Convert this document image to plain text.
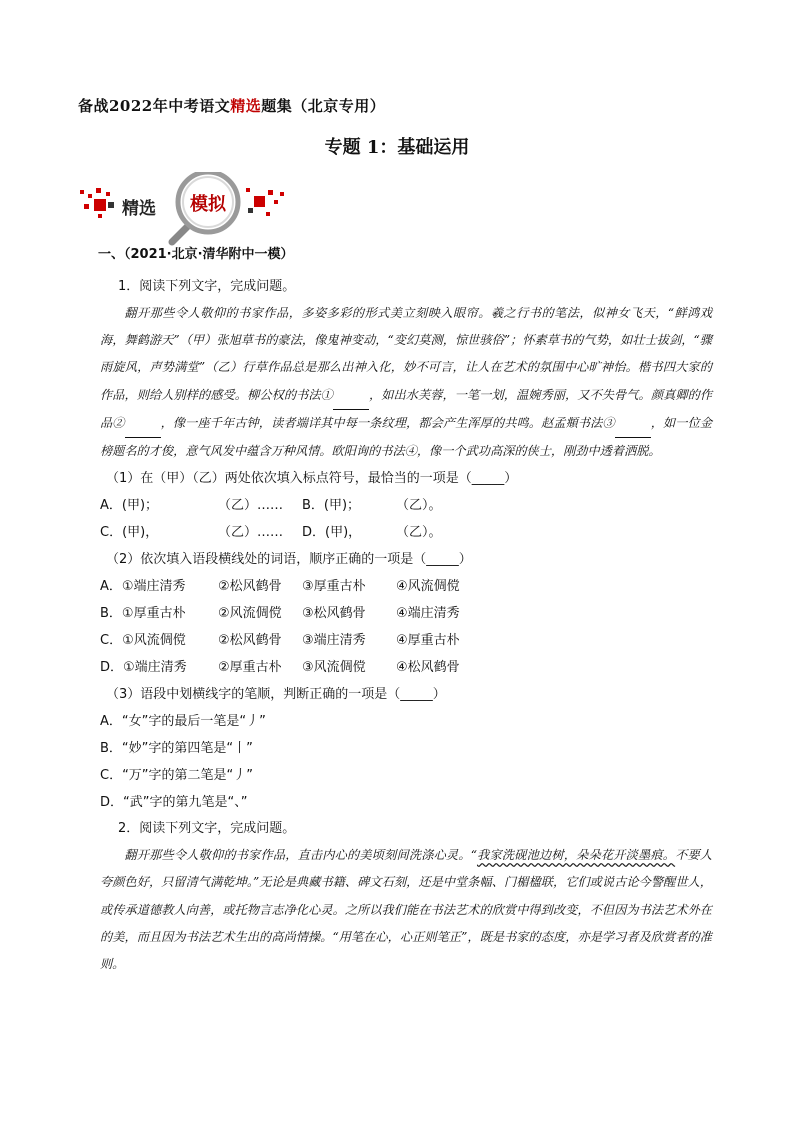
备战2022年中考语文精选题集（北京专用）
专题 1：基础运用
精选	模拟
一、（2021·北京·清华附中一模）
1．阅读下列文字，完成问题。

翻开那些令人敬仰的书家作品，多姿多彩的形式美立刻映入眼帘。羲之行书的笔法，似神女飞天，“鲜鸿戏海，舞鹤游天”（甲）张旭草书的豪法，像鬼神变动，“变幻莫测，惊世骇俗”；怀素草书的气势，如壮士拔剑，“骤雨旋风，声势满堂”（乙）行草作品总是那么出神入化，妙不可言，让人在艺术的氛围中心旷神怡。楷书四大家的作品，则给人别样的感受。柳公权的书法①	，如出水芙蓉，一笔一划，温婉秀丽，又不失骨气。颜真卿的作品②	，像一座千年古钟，读者端详其中每一条纹理，都会产生浑厚的共鸣。赵孟頫书法③	，如一位金榜题名的才俊，意气风发中蕴含万种风情。欧阳询的书法④，像一个武功高深的侠士，刚劲中透着洒脱。

（1）在（甲）（乙）两处依次填入标点符号，最恰当的一项是（_____）
A．(甲)；	（乙）……	B．(甲)；	（乙）。
C．(甲)，	（乙）……	D．(甲)，	（乙）。
（2）依次填入语段横线处的词语，顺序正确的一项是（_____）
A．①端庄清秀	②松风鹤骨	③厚重古朴	④风流倜傥
B．①厚重古朴	②风流倜傥	③松风鹤骨	④端庄清秀
C．①风流倜傥	②松风鹤骨	③端庄清秀	④厚重古朴
D．①端庄清秀	②厚重古朴	③风流倜傥	④松风鹤骨
（3）语段中划横线字的笔顺，判断正确的一项是（_____）
A．“女”字的最后一笔是“丿”
B．“妙”字的第四笔是“丨”
C．“万”字的第二笔是“丿”
D．“武”字的第九笔是“、”
2．阅读下列文字，完成问题。

翻开那些令人敬仰的书家作品，直击内心的美顷刻间洗涤心灵。“我家洗砚池边树，朵朵花开淡墨痕。不要人夸颜色好，只留清气满乾坤。”无论是典藏书籍、碑文石刻，还是中堂条幅、门楣楹联，它们或说古论今警醒世人，或传承道德教人向善，或托物言志净化心灵。之所以我们能在书法艺术的欣赏中得到改变，不但因为书法艺术外在的美，而且因为书法艺术生出的高尚情操。“用笔在心，心正则笔正”，既是书家的态度，亦是学习者及欣赏者的准则。
